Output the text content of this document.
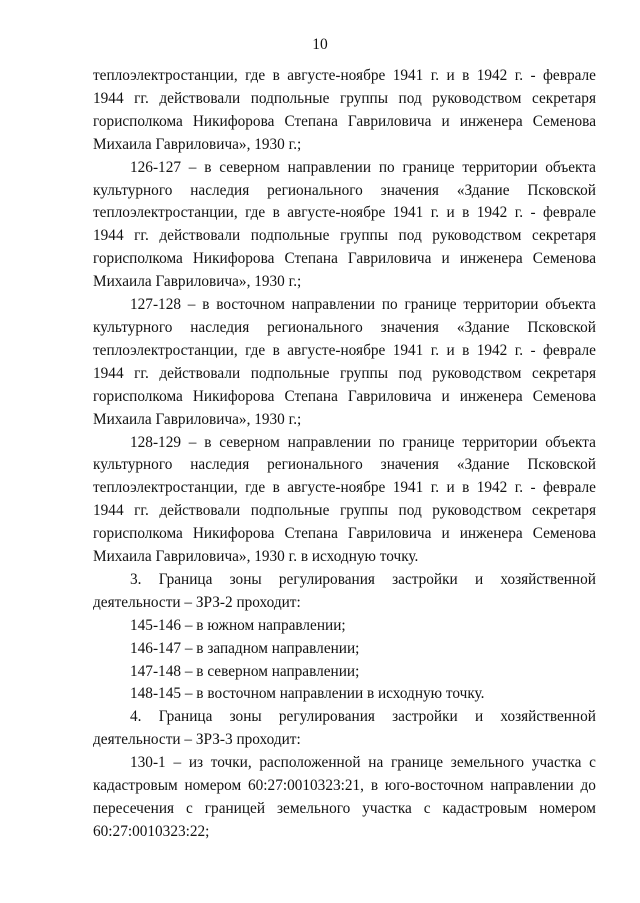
10
теплоэлектростанции, где в августе-ноябре 1941 г. и в 1942 г. - феврале
1944 гг. действовали подпольные группы под руководством секретаря
горисполкома Никифорова Степана Гавриловича и инженера Семенова
Михаила Гавриловича», 1930 г.;
126-127 – в северном направлении по границе территории объекта
культурного наследия регионального значения «Здание Псковской
теплоэлектростанции, где в августе-ноябре 1941 г. и в 1942 г. - феврале
1944 гг. действовали подпольные группы под руководством секретаря
горисполкома Никифорова Степана Гавриловича и инженера Семенова
Михаила Гавриловича», 1930 г.;
127-128 – в восточном направлении по границе территории объекта
культурного наследия регионального значения «Здание Псковской
теплоэлектростанции, где в августе-ноябре 1941 г. и в 1942 г. - феврале
1944 гг. действовали подпольные группы под руководством секретаря
горисполкома Никифорова Степана Гавриловича и инженера Семенова
Михаила Гавриловича», 1930 г.;
128-129 – в северном направлении по границе территории объекта
культурного наследия регионального значения «Здание Псковской
теплоэлектростанции, где в августе-ноябре 1941 г. и в 1942 г. - феврале
1944 гг. действовали подпольные группы под руководством секретаря
горисполкома Никифорова Степана Гавриловича и инженера Семенова
Михаила Гавриловича», 1930 г. в исходную точку.
3. Граница зоны регулирования застройки и хозяйственной
деятельности – ЗРЗ-2 проходит:
145-146 – в южном направлении;
146-147 – в западном направлении;
147-148 – в северном направлении;
148-145 – в восточном направлении в исходную точку.
4. Граница зоны регулирования застройки и хозяйственной
деятельности – ЗРЗ-3 проходит:
130-1 – из точки, расположенной на границе земельного участка с
кадастровым номером 60:27:0010323:21, в юго-восточном направлении до
пересечения с границей земельного участка с кадастровым номером
60:27:0010323:22;
